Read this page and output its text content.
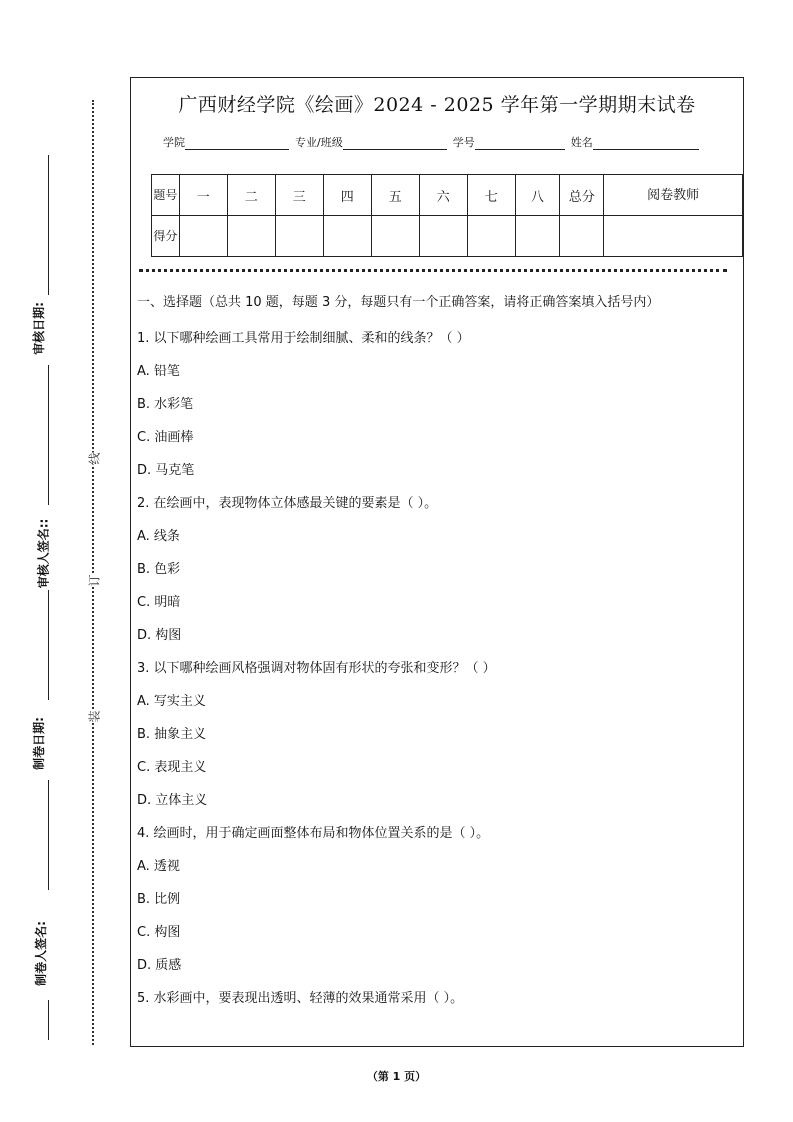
审核日期:
审核人签名::
制卷日期:
制卷人签名:
线
订
装
广西财经学院《绘画》2024 - 2025 学年第一学期期末试卷
学院	专业/班级	学号	姓名
题号	一	二	三	四	五	六	七	八	总分	阅卷教师
得分										
一、选择题（总共 10 题，每题 3 分，每题只有一个正确答案，请将正确答案填入括号内）
1. 以下哪种绘画工具常用于绘制细腻、柔和的线条？（ ）
A. 铅笔
B. 水彩笔
C. 油画棒
D. 马克笔
2. 在绘画中，表现物体立体感最关键的要素是（ ）。
A. 线条
B. 色彩
C. 明暗
D. 构图
3. 以下哪种绘画风格强调对物体固有形状的夸张和变形？（ ）
A. 写实主义
B. 抽象主义
C. 表现主义
D. 立体主义
4. 绘画时，用于确定画面整体布局和物体位置关系的是（ ）。
A. 透视
B. 比例
C. 构图
D. 质感
5. 水彩画中，要表现出透明、轻薄的效果通常采用（ ）。
（第 1 页）
